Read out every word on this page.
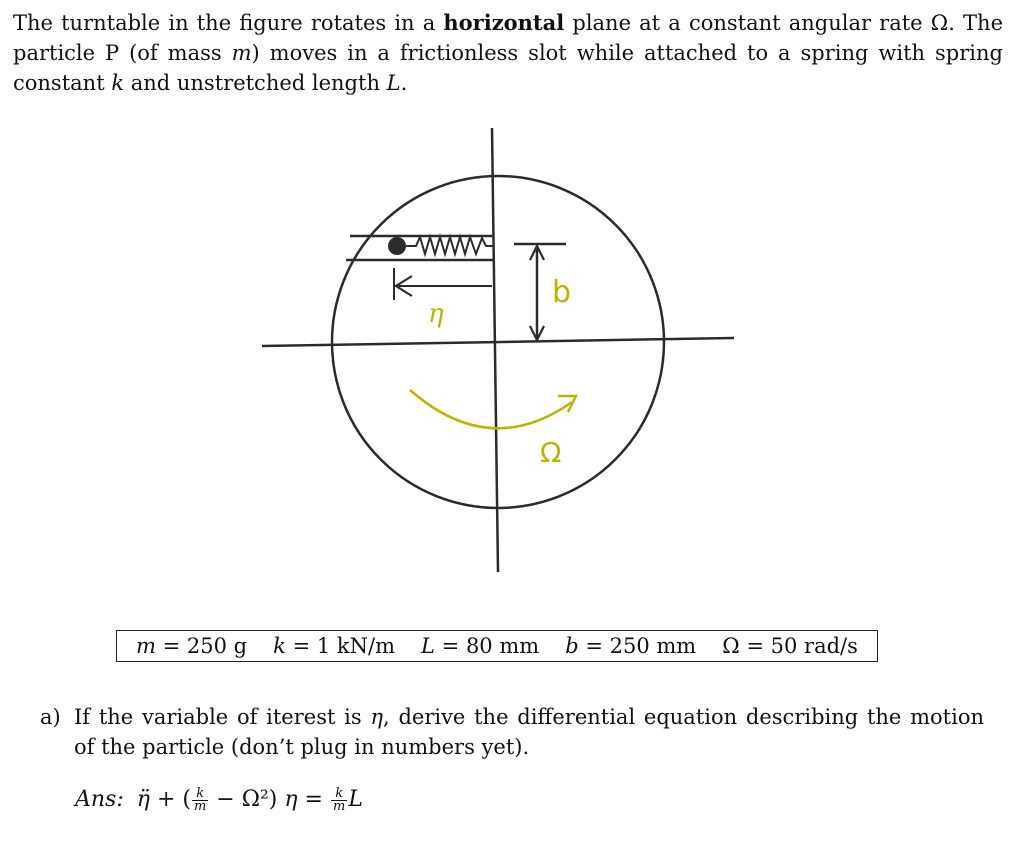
The turntable in the figure rotates in a horizontal plane at a constant angular rate Ω. The
particle P (of mass m) moves in a frictionless slot while attached to a spring with spring
constant k and unstretched length L.
η
b
Ω
m = 250 g k = 1 kN/m L = 80 mm b = 250 mm Ω = 50 rad/s
a) If the variable of iterest is η, derive the differential equation describing the motion of the particle (don’t plug in numbers yet).
Ans: η̈ + ( $\frac{k}{m} - \Omega^2$) $\eta = \frac{k}{m}$ L
